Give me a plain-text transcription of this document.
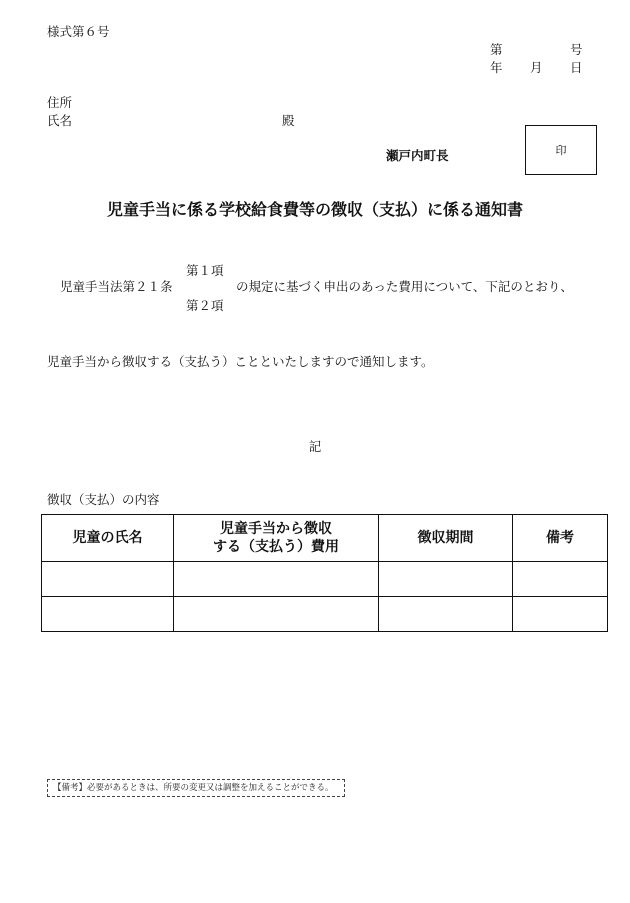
様式第６号
第	号
年 月 日
住所
氏名	殿
瀬戸内町長	印
児童手当に係る学校給食費等の徴収（支払）に係る通知書
第１項
児童手当法第２１条
第２項
の規定に基づく申出のあった費用について、下記のとおり、
児童手当から徴収する（支払う）ことといたしますので通知します。
記
徴収（支払）の内容
児童の氏名	児童手当から徴収
する（支払う）費用	徴収期間	備考

【備考】必要があるときは、所要の変更又は調整を加えることができる。
